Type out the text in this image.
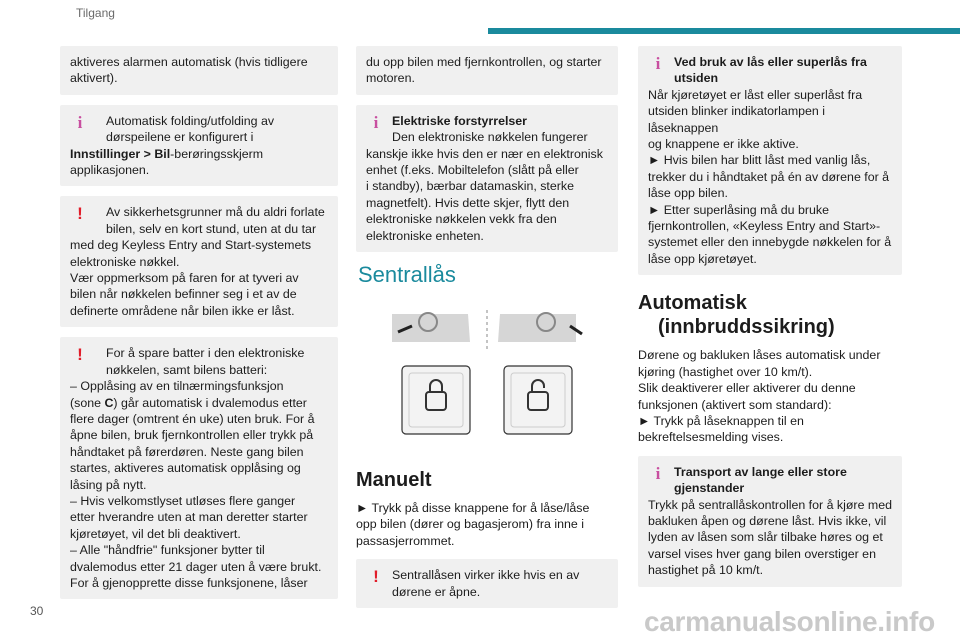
Tilgang

aktiveres alarmen automatisk (hvis tidligere

aktivert).

i	Automatisk folding/utfolding av

dørspeilene er konfigurert i

Innstillinger > Bil-berøringsskjerm

applikasjonen.

!	Av sikkerhetsgrunner må du aldri forlate

bilen, selv en kort stund, uten at du tar

med deg Keyless Entry and Start-systemets

elektroniske nøkkel.

Vær oppmerksom på faren for at tyveri av

bilen når nøkkelen befinner seg i et av de

definerte områdene når bilen ikke er låst.

!	For å spare batter i den elektroniske

nøkkelen, samt bilens batteri:

– Opplåsing av en tilnærmingsfunksjon

(sone C) går automatisk i dvalemodus etter

flere dager (omtrent én uke) uten bruk. For å

åpne bilen, bruk fjernkontrollen eller trykk på

håndtaket på førerdøren. Neste gang bilen

startes, aktiveres automatisk opplåsing og

låsing på nytt.

– Hvis velkomstlyset utløses flere ganger

etter hverandre uten at man deretter starter

kjøretøyet, vil det bli deaktivert.

– Alle "håndfrie" funksjoner bytter til

dvalemodus etter 21 dager uten å være brukt.

For å gjenopprette disse funksjonene, låser

du opp bilen med fjernkontrollen, og starter

motoren.

i	Elektriske forstyrrelser

Den elektroniske nøkkelen fungerer

kanskje ikke hvis den er nær en elektronisk

enhet (f.eks. Mobiltelefon (slått på eller

i standby), bærbar datamaskin, sterke

magnetfelt). Hvis dette skjer, flytt den

elektroniske nøkkelen vekk fra den

elektroniske enheten.

Sentrallås
Manuelt

► Trykk på disse knappene for å låse/låse

opp bilen (dører og bagasjerom) fra inne i

passasjerrommet.

!	Sentrallåsen virker ikke hvis en av

dørene er åpne.

i	Ved bruk av lås eller superlås fra

utsiden

Når kjøretøyet er låst eller superlåst fra

utsiden blinker indikatorlampen i låseknappen

og knappene er ikke aktive.

► Hvis bilen har blitt låst med vanlig lås,

trekker du i håndtaket på én av dørene for å

låse opp bilen.

► Etter superlåsing må du bruke

fjernkontrollen, «Keyless Entry and Start»-

systemet eller den innebygde nøkkelen for å

låse opp kjøretøyet.

Automatisk
(innbruddssikring)

Dørene og bakluken låses automatisk under

kjøring (hastighet over 10 km/t).

Slik deaktiverer eller aktiverer du denne

funksjonen (aktivert som standard):

► Trykk på låseknappen til en

bekreftelsesmelding vises.

i	Transport av lange eller store

gjenstander

Trykk på sentrallåskontrollen for å kjøre med

bakluken åpen og dørene låst. Hvis ikke, vil

lyden av låsen som slår tilbake høres og et

varsel vises hver gang bilen overstiger en

hastighet på 10 km/t.

30	carmanualsonline.info
